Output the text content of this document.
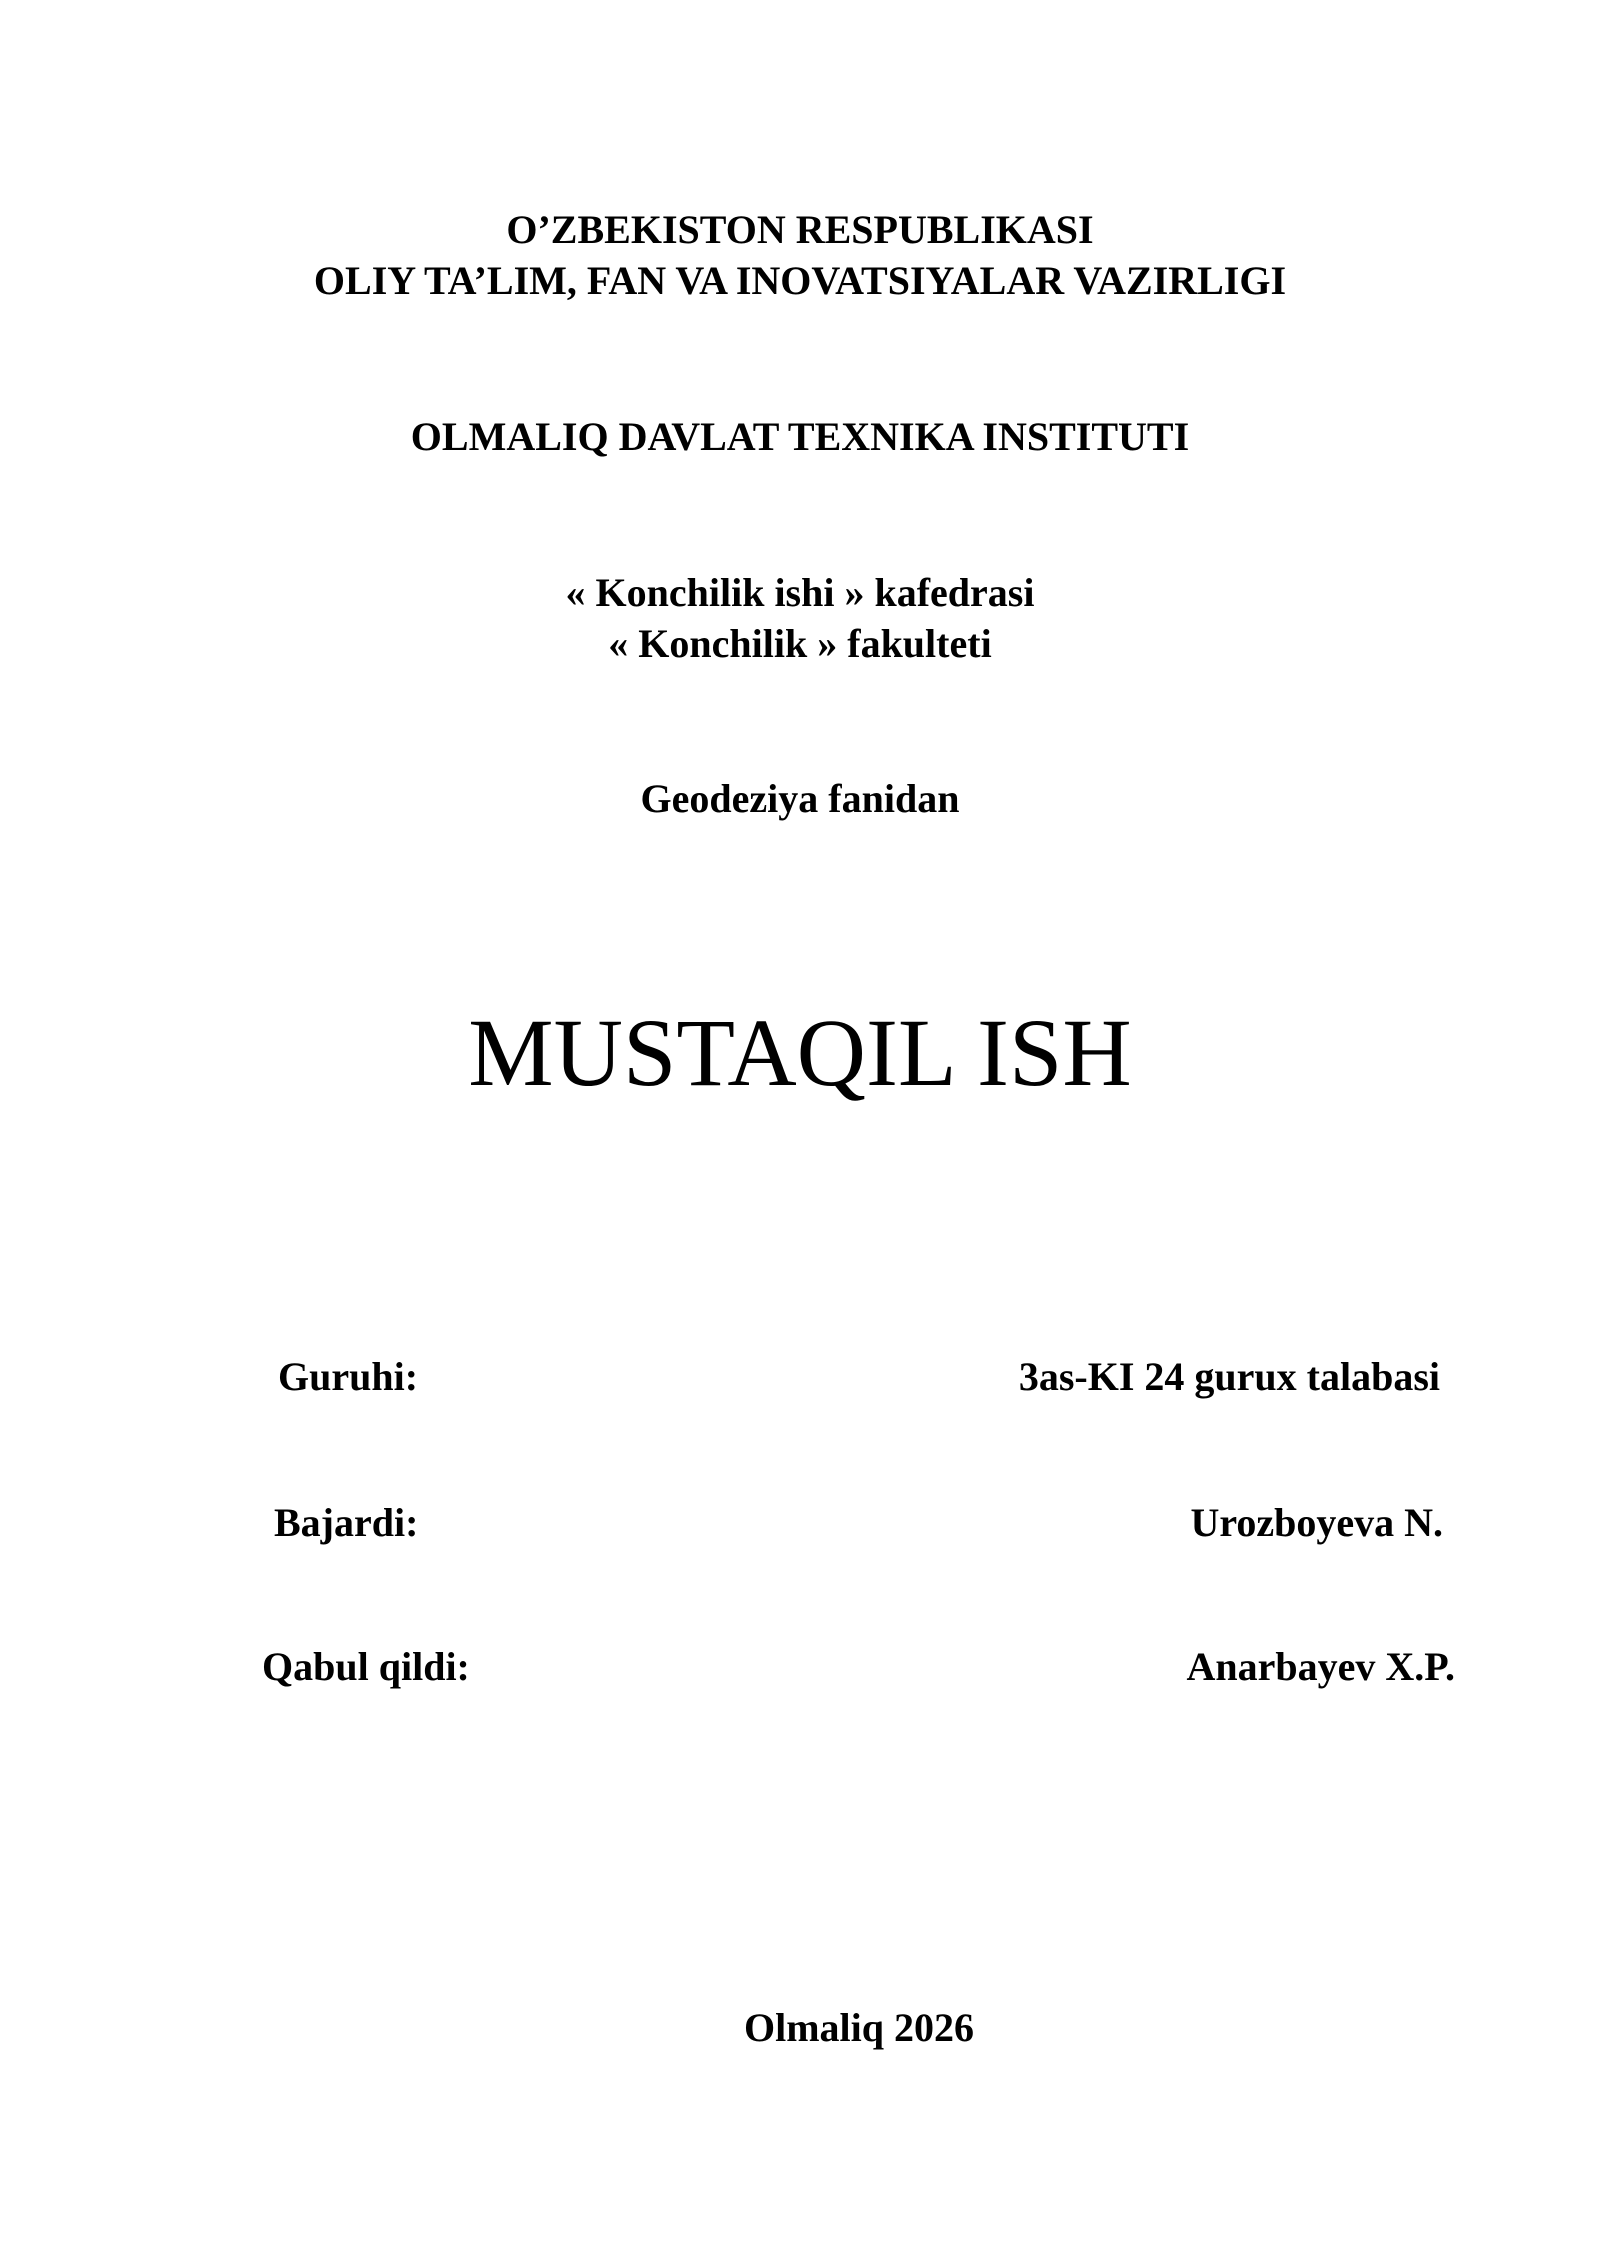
O’ZBEKISTON RESPUBLIKASI
OLIY TA’LIM, FAN VA INOVATSIYALAR VAZIRLIGI
OLMALIQ DAVLAT TEXNIKA INSTITUTI
« Konchilik ishi » kafedrasi
« Konchilik » fakulteti
Geodeziya fanidan
MUSTAQIL ISH
Guruhi:	3as-KI 24 gurux talabasi
Bajardi:	Urozboyeva N.
Qabul qildi:	Anarbayev X.P.
Olmaliq 2026
